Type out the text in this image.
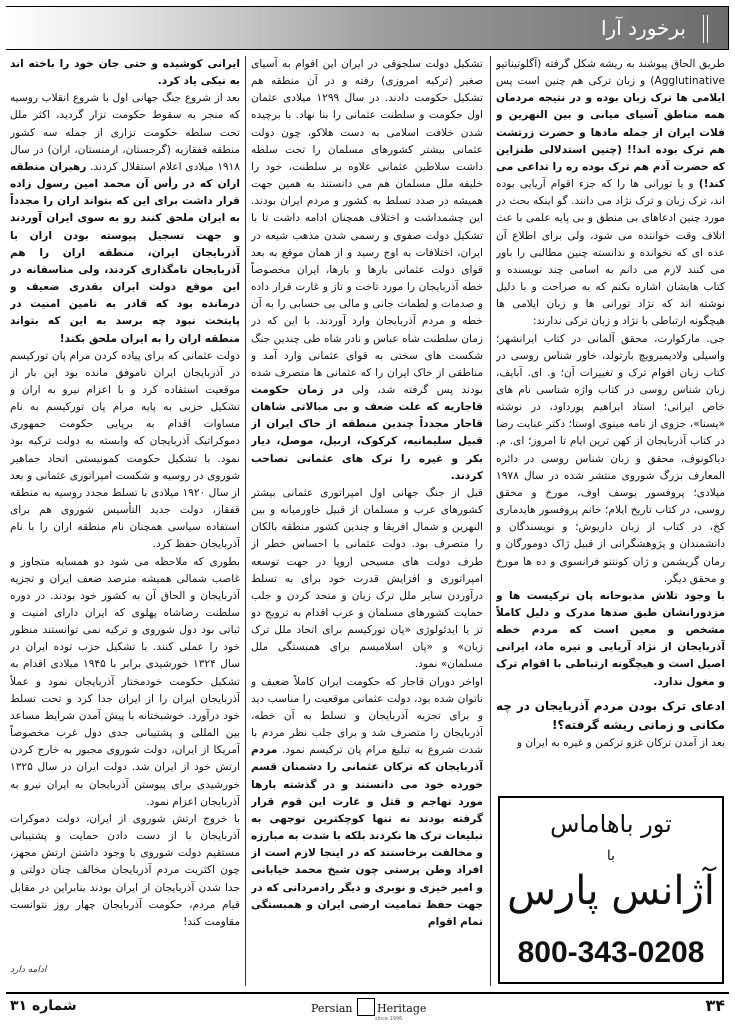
برخورد آرا

طریق الحاق پیوشند به ریشه شکل گرفته (آگلوتیناتیو Agglutinative) و زبان ترکی هم چنین است پس ایلامی ها ترک زبان بوده و در نتیجه مردمان همه مناطق آسیای میانی و بین النهرین و فلات ایران از جمله مادها و حضرت زرتشت هم ترک بوده اند!! (چنین استدلالی طنزاین که حضرت آدم هم ترک بوده ره را تداعی می کند!) و یا تورانی ها را که جزء اقوام آریایی بوده اند، ترک زبان و ترک نژاد می دانند. گو اینکه بحث در مورد چنین ادعاهای بی منطق و بی پایه علمی با عث اتلاف وقت خواننده می شود، ولی برای اطلاع آن عده ای که نخوانده و ندانسته چنین مطالبی را باور می کنند لازم می دانم به اسامی چند نویسنده و کتاب هایشان اشاره بکنم که به صراحت و با دلیل نوشته اند که نژاد تورانی ها و زبان ایلامی ها هیچگونه ارتباطی با نژاد و زبان ترکی ندارند:

جی. مارکوارت، محقق آلمانی در کتاب ایرانشهر؛ واسیلی ولادیمیرویچ بارتولد، خاور شناس روسی در کتاب زبان اقوام ترک و تغییرات آن؛ و. ای. آبایف، زبان شناس روسی در کتاب واژه شناسی نام های خاص ایرانی؛ استاد ابراهیم پورداود، در نوشته «یسنا»، جزوی از نامه مینوی اوستا؛ دکتر عنایت رضا در کتاب آذربایجان از کهن ترین ایام تا امروز؛ ای. م. دیاکونوف، محقق و زبان شناس روسی در دائره المعارف بزرگ شوروی منتشر شده در سال ۱۹۷۸ میلادی؛ پروفسور یوسف اوف، مورخ و محقق روسی، در کتاب تاریخ ایلام؛ خانم پروفسور هایدماری کخ، در کتاب از زبان داریوش؛ و نویسندگان و دانشمندان و پژوهشگرانی از قبیل ژاک دومورگان و رمان گریشمن و ژان کونتنو فرانسوی و ده ها مورخ و محقق دیگر.

با وجود تلاش مذبوحانه پان ترکیست ها و مزدورانشان طبق صدها مدرک و دلیل کاملاً مشخص و معین است که مردم خطه آذربایجان از نژاد آریایی و تیره ماد، ایرانی اصیل است و هیچگونه ارتباطی با اقوام ترک و مغول ندارد.

ادعای ترک بودن مردم آذربایجان در چه مکانی و زمانی ریشه گرفته؟!

بعد از آمدن ترکان غزو ترکمن و غیره به ایران و

تشکیل دولت سلجوقی در ایران این اقوام به آسیای صغیر (ترکیه امروزی) رفته و در آن منطقه هم تشکیل حکومت دادند. در سال ۱۲۹۹ میلادی عثمان اول حکومت و سلطنت عثمانی را بنا نهاد. با برچیده شدن خلافت اسلامی به دست هلاکو، چون دولت عثمانی بیشتر کشورهای مسلمان را تحت سلطه داشت سلاطین عثمانی علاوه بر سلطنت، خود را خلیفه ملل مسلمان هم می دانستند به همین جهت همیشه در صدد تسلط به کشور و مردم ایران بودند. این چشمداشت و اختلاف همچنان ادامه داشت تا با تشکیل دولت صفوی و رسمی شدن مذهب شیعه در ایران، اختلافات به اوج رسید و از همان موقع به بعد قوای دولت عثمانی بارها و بارها، ایران مخصوصاً خطه آذربایجان را مورد تاخت و تاز و غارت قرار داده و صدمات و لطمات جانی و مالی بی حسابی را به آن خطه و مردم آذربایجان وارد آوردند. با این که در زمان سلطنت شاه عباس و نادر شاه طی چندین جنگ شکست های سختی به قوای عثمانی وارد آمد و مناطقی از خاک ایران را که عثمانی ها متصرف شده بودند پس گرفته شد، ولی در زمان حکومت قاجاریه که علت ضعف و بی مبالاتی شاهان قاجار مجدداً چندین منطقه از خاک ایران از قبیل سلیمانیه، کرکوک، اربیل، موصل، دیار بکر و غیره را ترک های عثمانی تصاحب کردند.

قبل از جنگ جهانی اول امپراتوری عثمانی بیشتر کشورهای عرب و مسلمان از قبیل خاورمیانه و بین النهرین و شمال افریقا و چندین کشور منطقه بالکان را متصرف بود. دولت عثمانی با احساس خطر از طرف دولت های مسیحی اروپا در جهت توسعه امپراتوری و افزایش قدرت خود برای به تسلط درآوردن سایر ملل ترک زبان و متحد کردن و جلب حمایت کشورهای مسلمان و عرب اقدام به ترویج دو تز یا ایدئولوژی «پان تورکیسم برای اتحاد ملل ترک زبان» و «پان اسلامیسم برای همبستگی ملل مسلمان» نمود.

اواخر دوران قاجار که حکومت ایران کاملاً ضعیف و ناتوان شده بود، دولت عثمانی موقعیت را مناسب دید و برای تجزیه آذربایجان و تسلط به آن خطه، آذربایجان را متصرف شد و برای جلب نظر مردم با شدت شروع به تبلیغ مرام پان ترکیسم نمود. مردم آذربایجان که ترکان عثمانی را دشمنان قسم خورده خود می دانستند و در گذشته بارها مورد تهاجم و قتل و غارت این قوم قرار گرفته بودند نه تنها کوچکترین توجهی به تبلیغات ترک ها نکردند بلکه با شدت به مبارزه و مخالفت برخاستند که در اینجا لازم است از افراد وطن پرستی چون شیخ محمد خیابانی و امیر خیزی و نوبری و دیگر رادمردانی که در جهت حفظ تمامیت ارضی ایران و همبستگی تمام اقوام

ایرانی کوشیده و حتی جان خود را باخته اند به نیکی یاد کرد.

بعد از شروع جنگ جهانی اول با شروع انقلاب روسیه که منجر به سقوط حکومت تزار گردید، اکثر ملل تحت سلطه حکومت تزاری از جمله سه کشور منطقه قفقازیه (گرجستان، ارمنستان، اران) در سال ۱۹۱۸ میلادی اعلام استقلال کردند. رهبران منطقه اران که در رأس آن محمد امین رسول زاده قرار داشت برای این که بتواند اران را مجدداً به ایران ملحق کنند رو به سوی ایران آوردند و جهت تسجیل پیوسته بودن اران با آذربایجان ایران، منطقه اران را هم آذربایجان نامگذاری کردند، ولی متاسفانه در این موقع دولت ایران بقدری ضعیف و درمانده بود که قادر به تامین امنیت در پایتخت نبود چه برسد به این که بتواند منطقه اران را به ایران ملحق بکند!

دولت عثمانی که برای پیاده کردن مرام پان تورکیسم در آذربایجان ایران ناموفق مانده بود این بار از موقعیت استفاده کرد و با اعزام نیرو به اران و تشکیل حزبی به پایه مرام پان تورکیسم به نام مساوات اقدام به برپایی حکومت جمهوری دموکراتیک آذربایجان که وابسته به دولت ترکیه بود نمود. با تشکیل حکومت کمونیستی اتحاد جماهیر شوروی در روسیه و شکست امپراتوری عثمانی و بعد از سال ۱۹۲۰ میلادی با تسلط مجدد روسیه به منطقه قفقاز، دولت جدید التأسیس شوروی هم برای استفاده سیاسی همچنان نام منطقه اران را با نام آذربایجان حفظ کرد.

بطوری که ملاحظه می شود دو همسایه متجاوز و غاصب شمالی همیشه مترصد ضعف ایران و تجزیه آذربایجان و الحاق آن به کشور خود بودند. در دوره سلطنت رضاشاه پهلوی که ایران دارای امنیت و ثباتی بود دول شوروی و ترکیه نمی توانستند منظور خود را عملی کنند. با تشکیل حزب توده ایران در سال ۱۳۲۴ خورشیدی برابر با ۱۹۴۵ میلادی اقدام به تشکیل حکومت خودمختار آذربایجان نمود و عملاً آذربایجان ایران را از ایران جدا کرد و تحت تسلط خود درآورد. خوشبختانه با پیش آمدن شرایط مساعد بین المللی و پشتیبانی جدی دول غرب مخصوصاً آمریکا از ایران، دولت شوروی مجبور به خارج کردن ارتش خود از ایران شد. دولت ایران در سال ۱۳۲۵ خورشیدی برای پیوستن آذربایجان به ایران نیرو به آذربایجان اعزام نمود.

با خروج ارتش شوروی از ایران، دولت دموکرات آذربایجان با از دست دادن حمایت و پشتیبانی مستقیم دولت شوروی با وجود داشتن ارتش مجهز، چون اکثریت مردم آذربایجان مخالف چنان دولتی و جدا شدن آذربایجان از ایران بودند بنابراین در مقابل قیام مردم، حکومت آذربایجان چهار روز نتوانست مقاومت کند!

ادامه دارد
تور باهاماس
با
آژانس پارس
800-343-0208
شماره ۳۱	Persian Heritage
since 1996
۳۴
